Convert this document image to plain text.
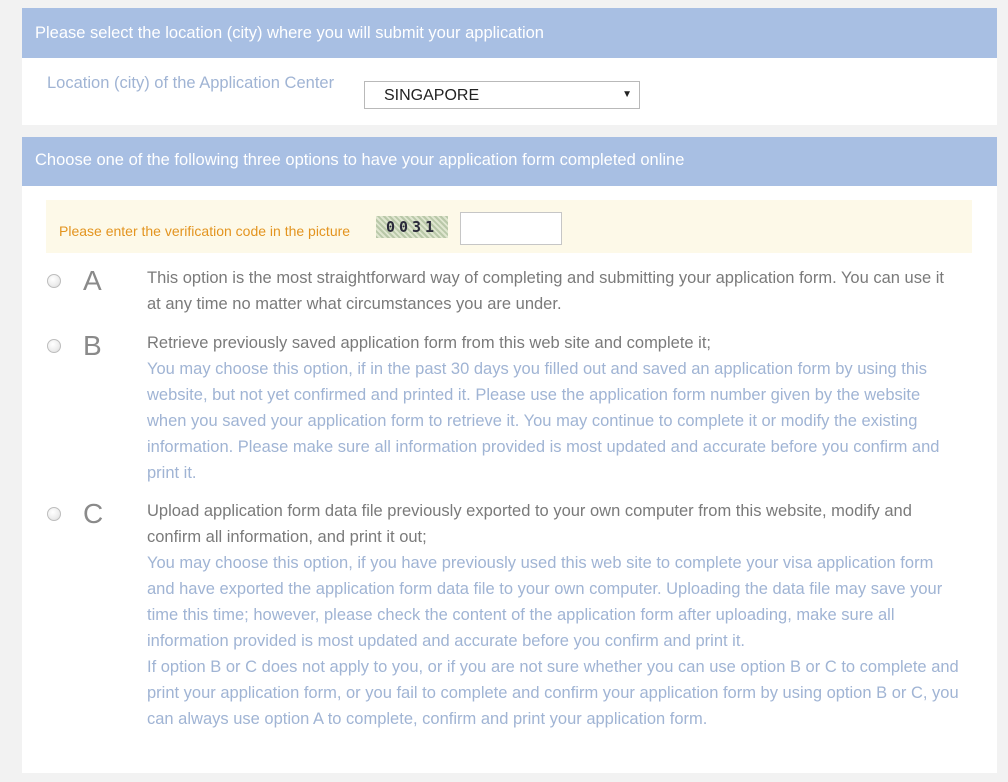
Please select the location (city) where you will submit your application
Location (city) of the Application Center
SINGAPORE	▼
Choose one of the following three options to have your application form completed online
Please enter the verification code in the picture	0031
A	This option is the most straightforward way of completing and submitting your application form. You can use it at any time no matter what circumstances you are under.
B	Retrieve previously saved application form from this web site and complete it;
You may choose this option, if in the past 30 days you filled out and saved an application form by using this website, but not yet confirmed and printed it. Please use the application form number given by the website when you saved your application form to retrieve it. You may continue to complete it or modify the existing information. Please make sure all information provided is most updated and accurate before you confirm and print it.
C	Upload application form data file previously exported to your own computer from this website, modify and confirm all information, and print it out;
You may choose this option, if you have previously used this web site to complete your visa application form and have exported the application form data file to your own computer. Uploading the data file may save your time this time; however, please check the content of the application form after uploading, make sure all information provided is most updated and accurate before you confirm and print it.
If option B or C does not apply to you, or if you are not sure whether you can use option B or C to complete and print your application form, or you fail to complete and confirm your application form by using option B or C, you can always use option A to complete, confirm and print your application form.
